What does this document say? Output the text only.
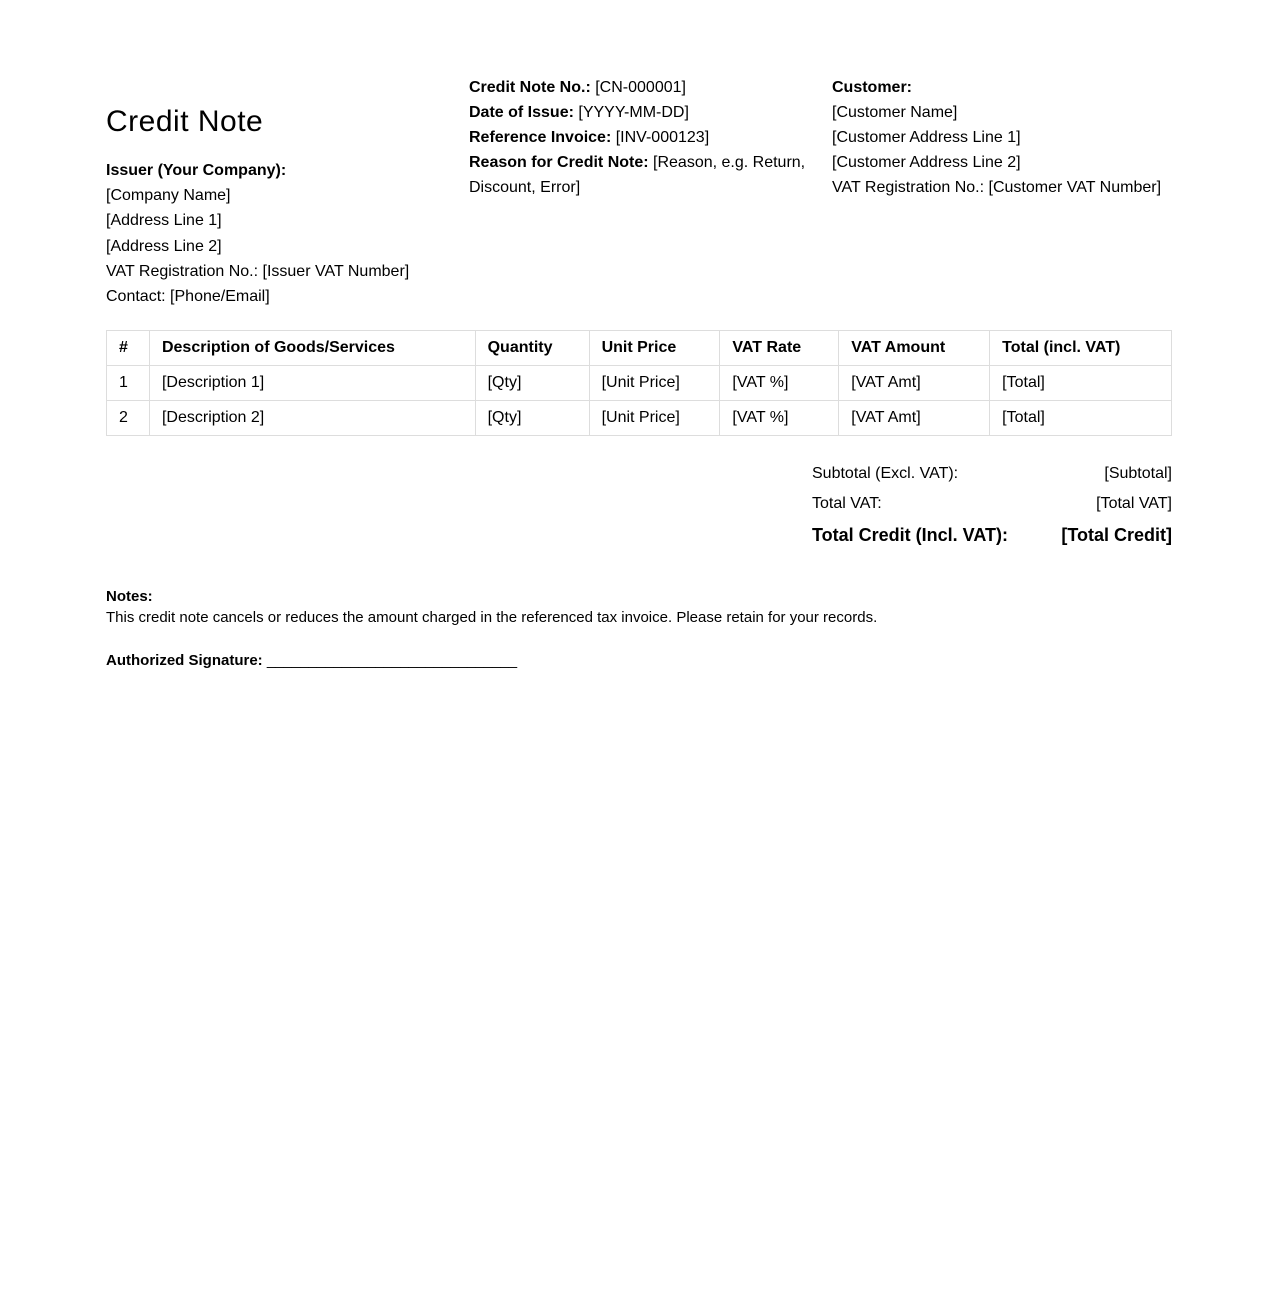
Credit Note
Issuer (Your Company):
[Company Name]
[Address Line 1]
[Address Line 2]
VAT Registration No.: [Issuer VAT Number]
Contact: [Phone/Email]
Credit Note No.: [CN-000001]
Date of Issue: [YYYY-MM-DD]
Reference Invoice: [INV-000123]
Reason for Credit Note: [Reason, e.g. Return, Discount, Error]
Customer:
[Customer Name]
[Customer Address Line 1]
[Customer Address Line 2]
VAT Registration No.: [Customer VAT Number]
#	Description of Goods/Services	Quantity	Unit Price	VAT Rate	VAT Amount	Total (incl. VAT)
1	[Description 1]	[Qty]	[Unit Price]	[VAT %]	[VAT Amt]	[Total]
2	[Description 2]	[Qty]	[Unit Price]	[VAT %]	[VAT Amt]	[Total]
Subtotal (Excl. VAT):	[Subtotal]
Total VAT:	[Total VAT]
Total Credit (Incl. VAT):	[Total Credit]
Notes:
This credit note cancels or reduces the amount charged in the referenced tax invoice. Please retain for your records.
Authorized Signature: ______________________________
